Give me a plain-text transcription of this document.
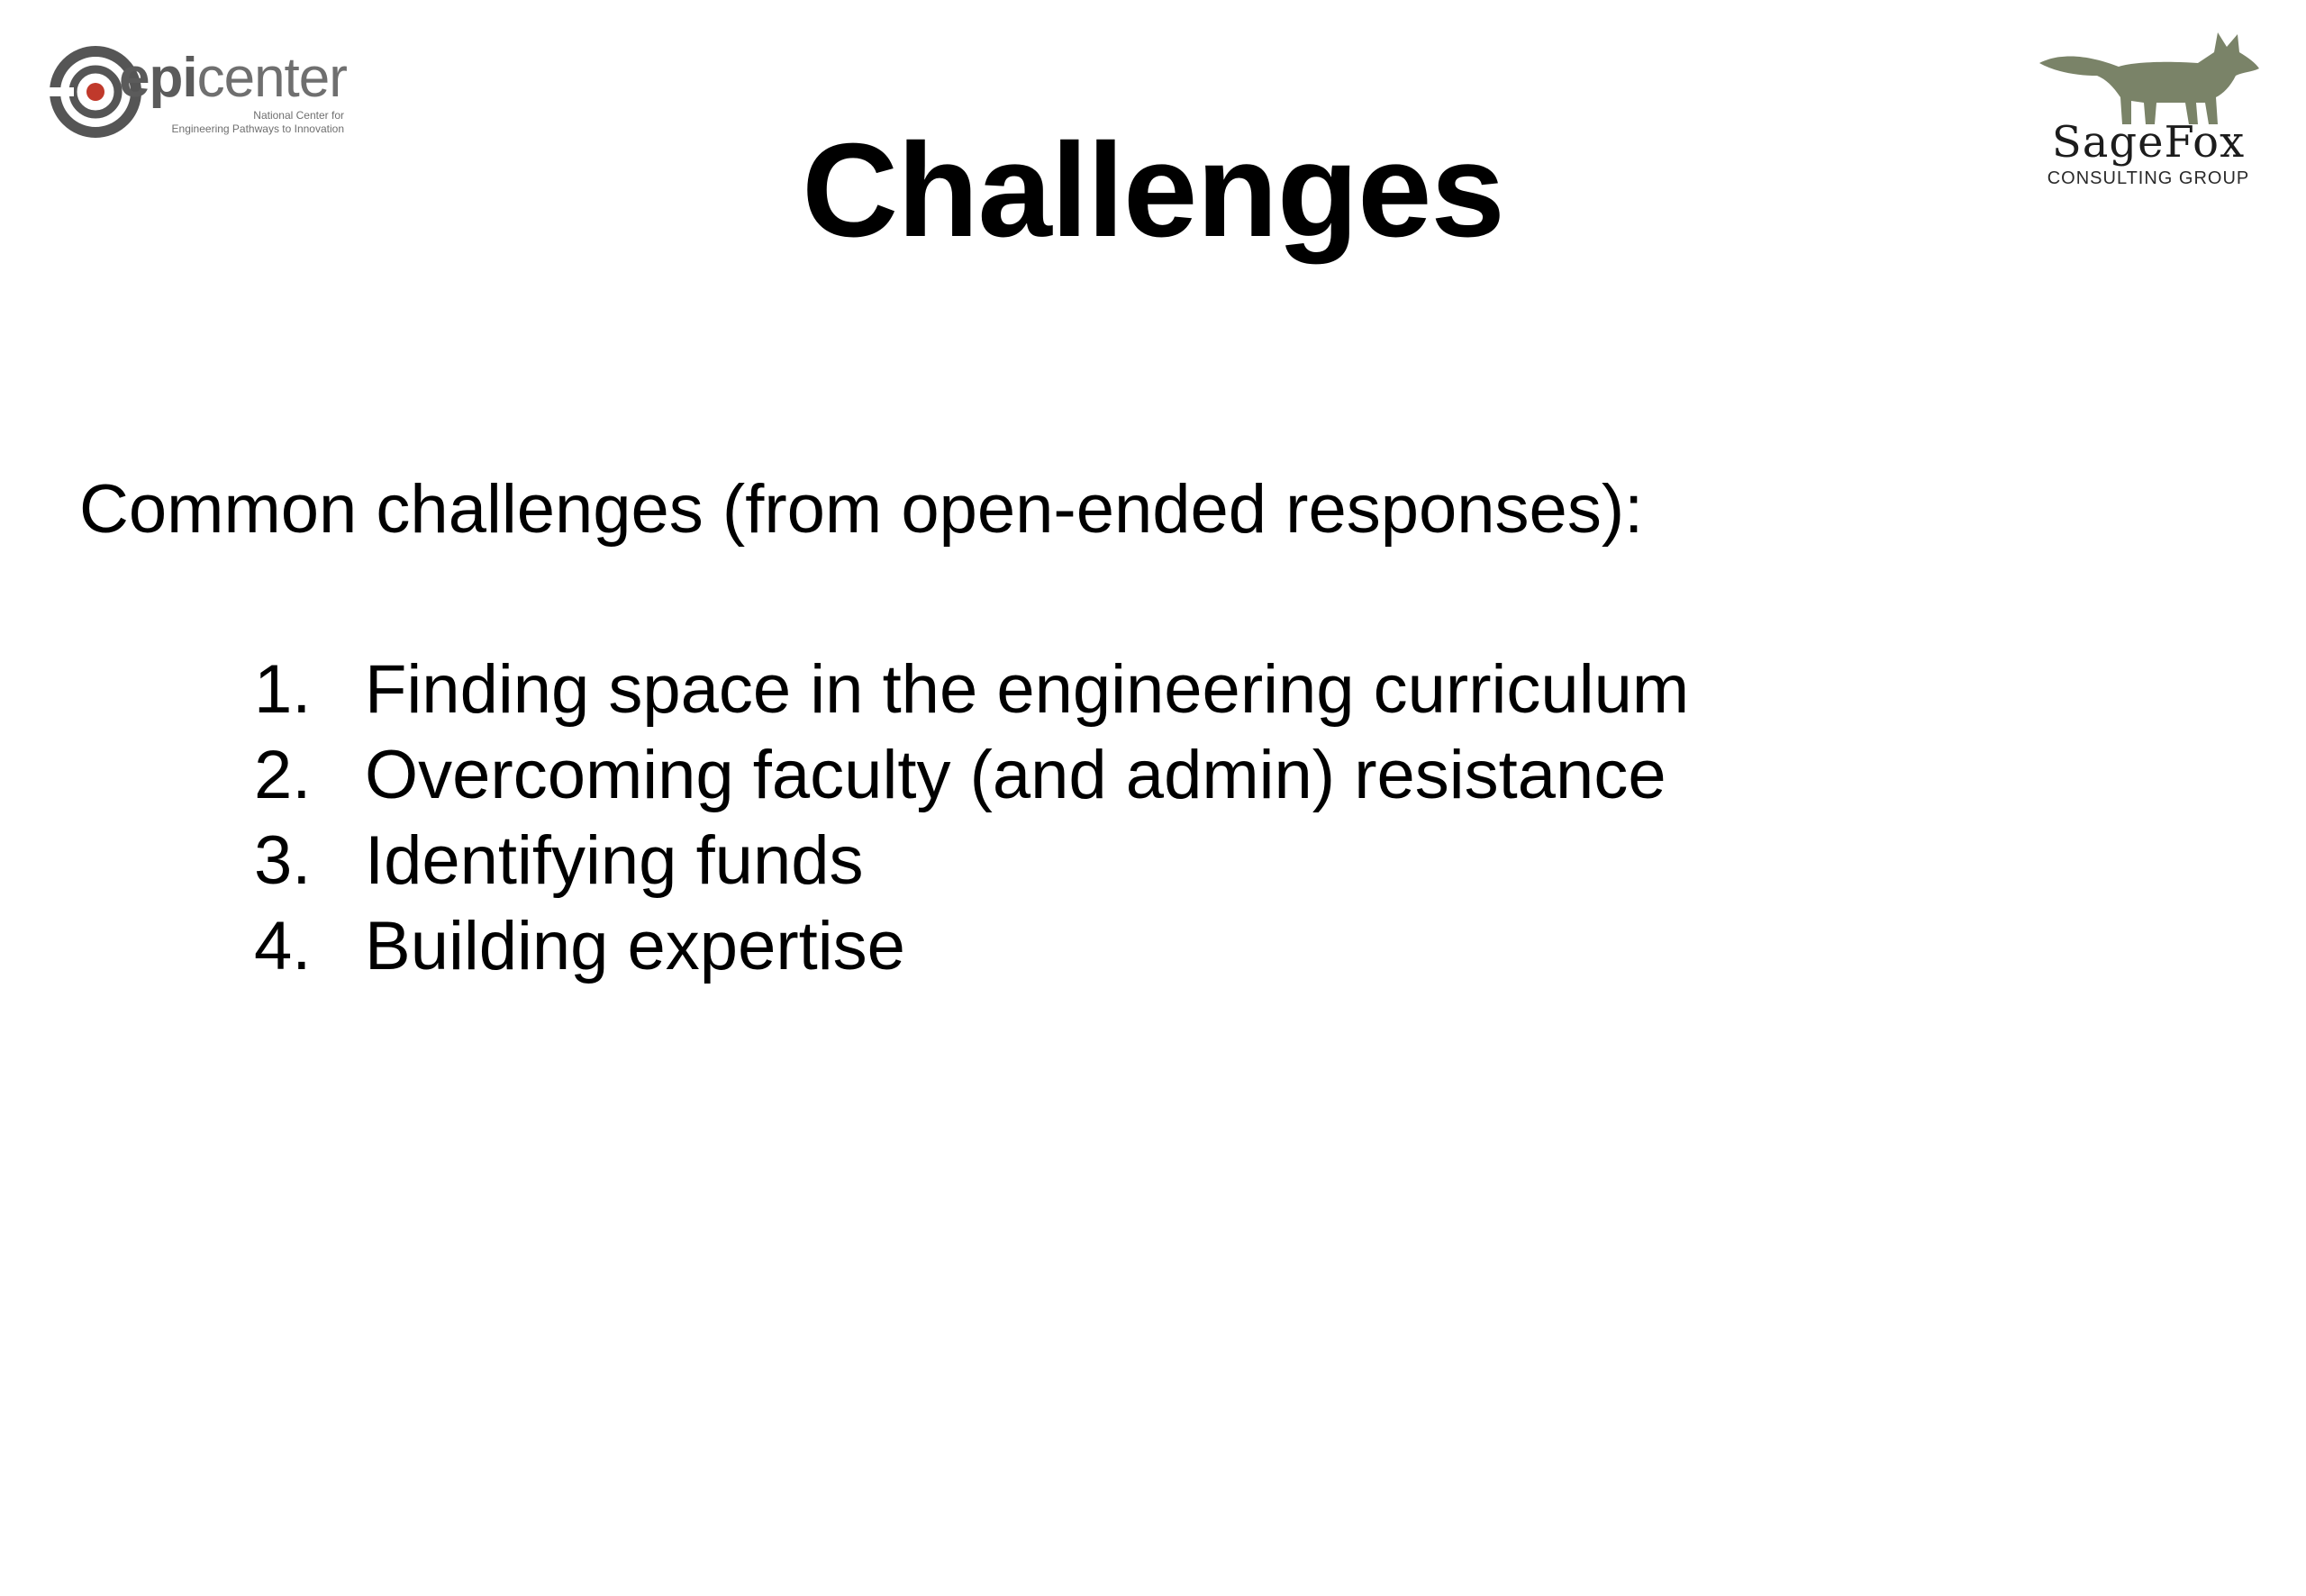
epicenter
National Center for
Engineering Pathways to Innovation	SageFox
CONSULTING GROUP
Challenges

Common challenges (from open-ended responses):

1. Finding space in the engineering curriculum
2. Overcoming faculty (and admin) resistance
3. Identifying funds
4. Building expertise
